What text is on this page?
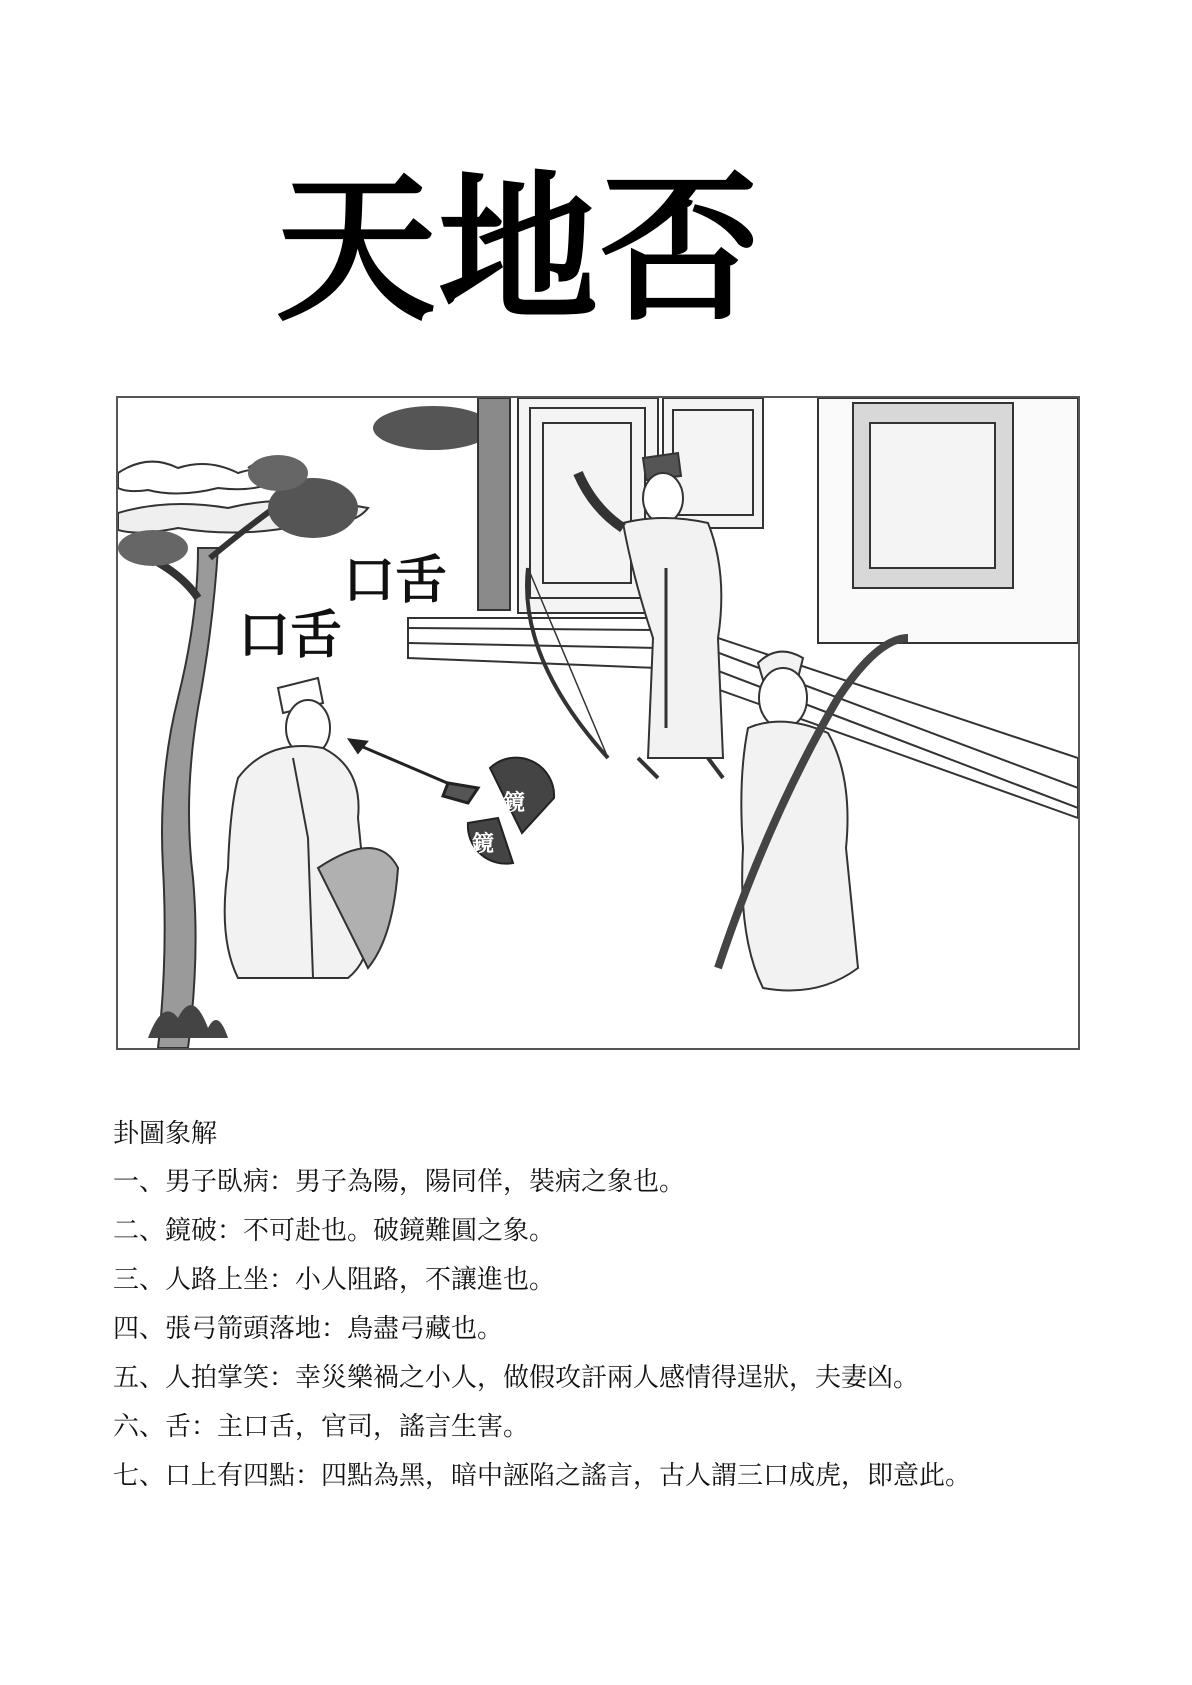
天地否
口舌
口舌
鏡
鏡
卦圖象解
一、男子臥病：男子為陽，陽同佯，裝病之象也。
二、鏡破：不可赴也。破鏡難圓之象。
三、人路上坐：小人阻路，不讓進也。
四、張弓箭頭落地：鳥盡弓藏也。
五、人拍掌笑：幸災樂禍之小人，做假攻訐兩人感情得逞狀，夫妻凶。
六、舌：主口舌，官司，謠言生害。
七、口上有四點：四點為黑，暗中誣陷之謠言，古人謂三口成虎，即意此。
